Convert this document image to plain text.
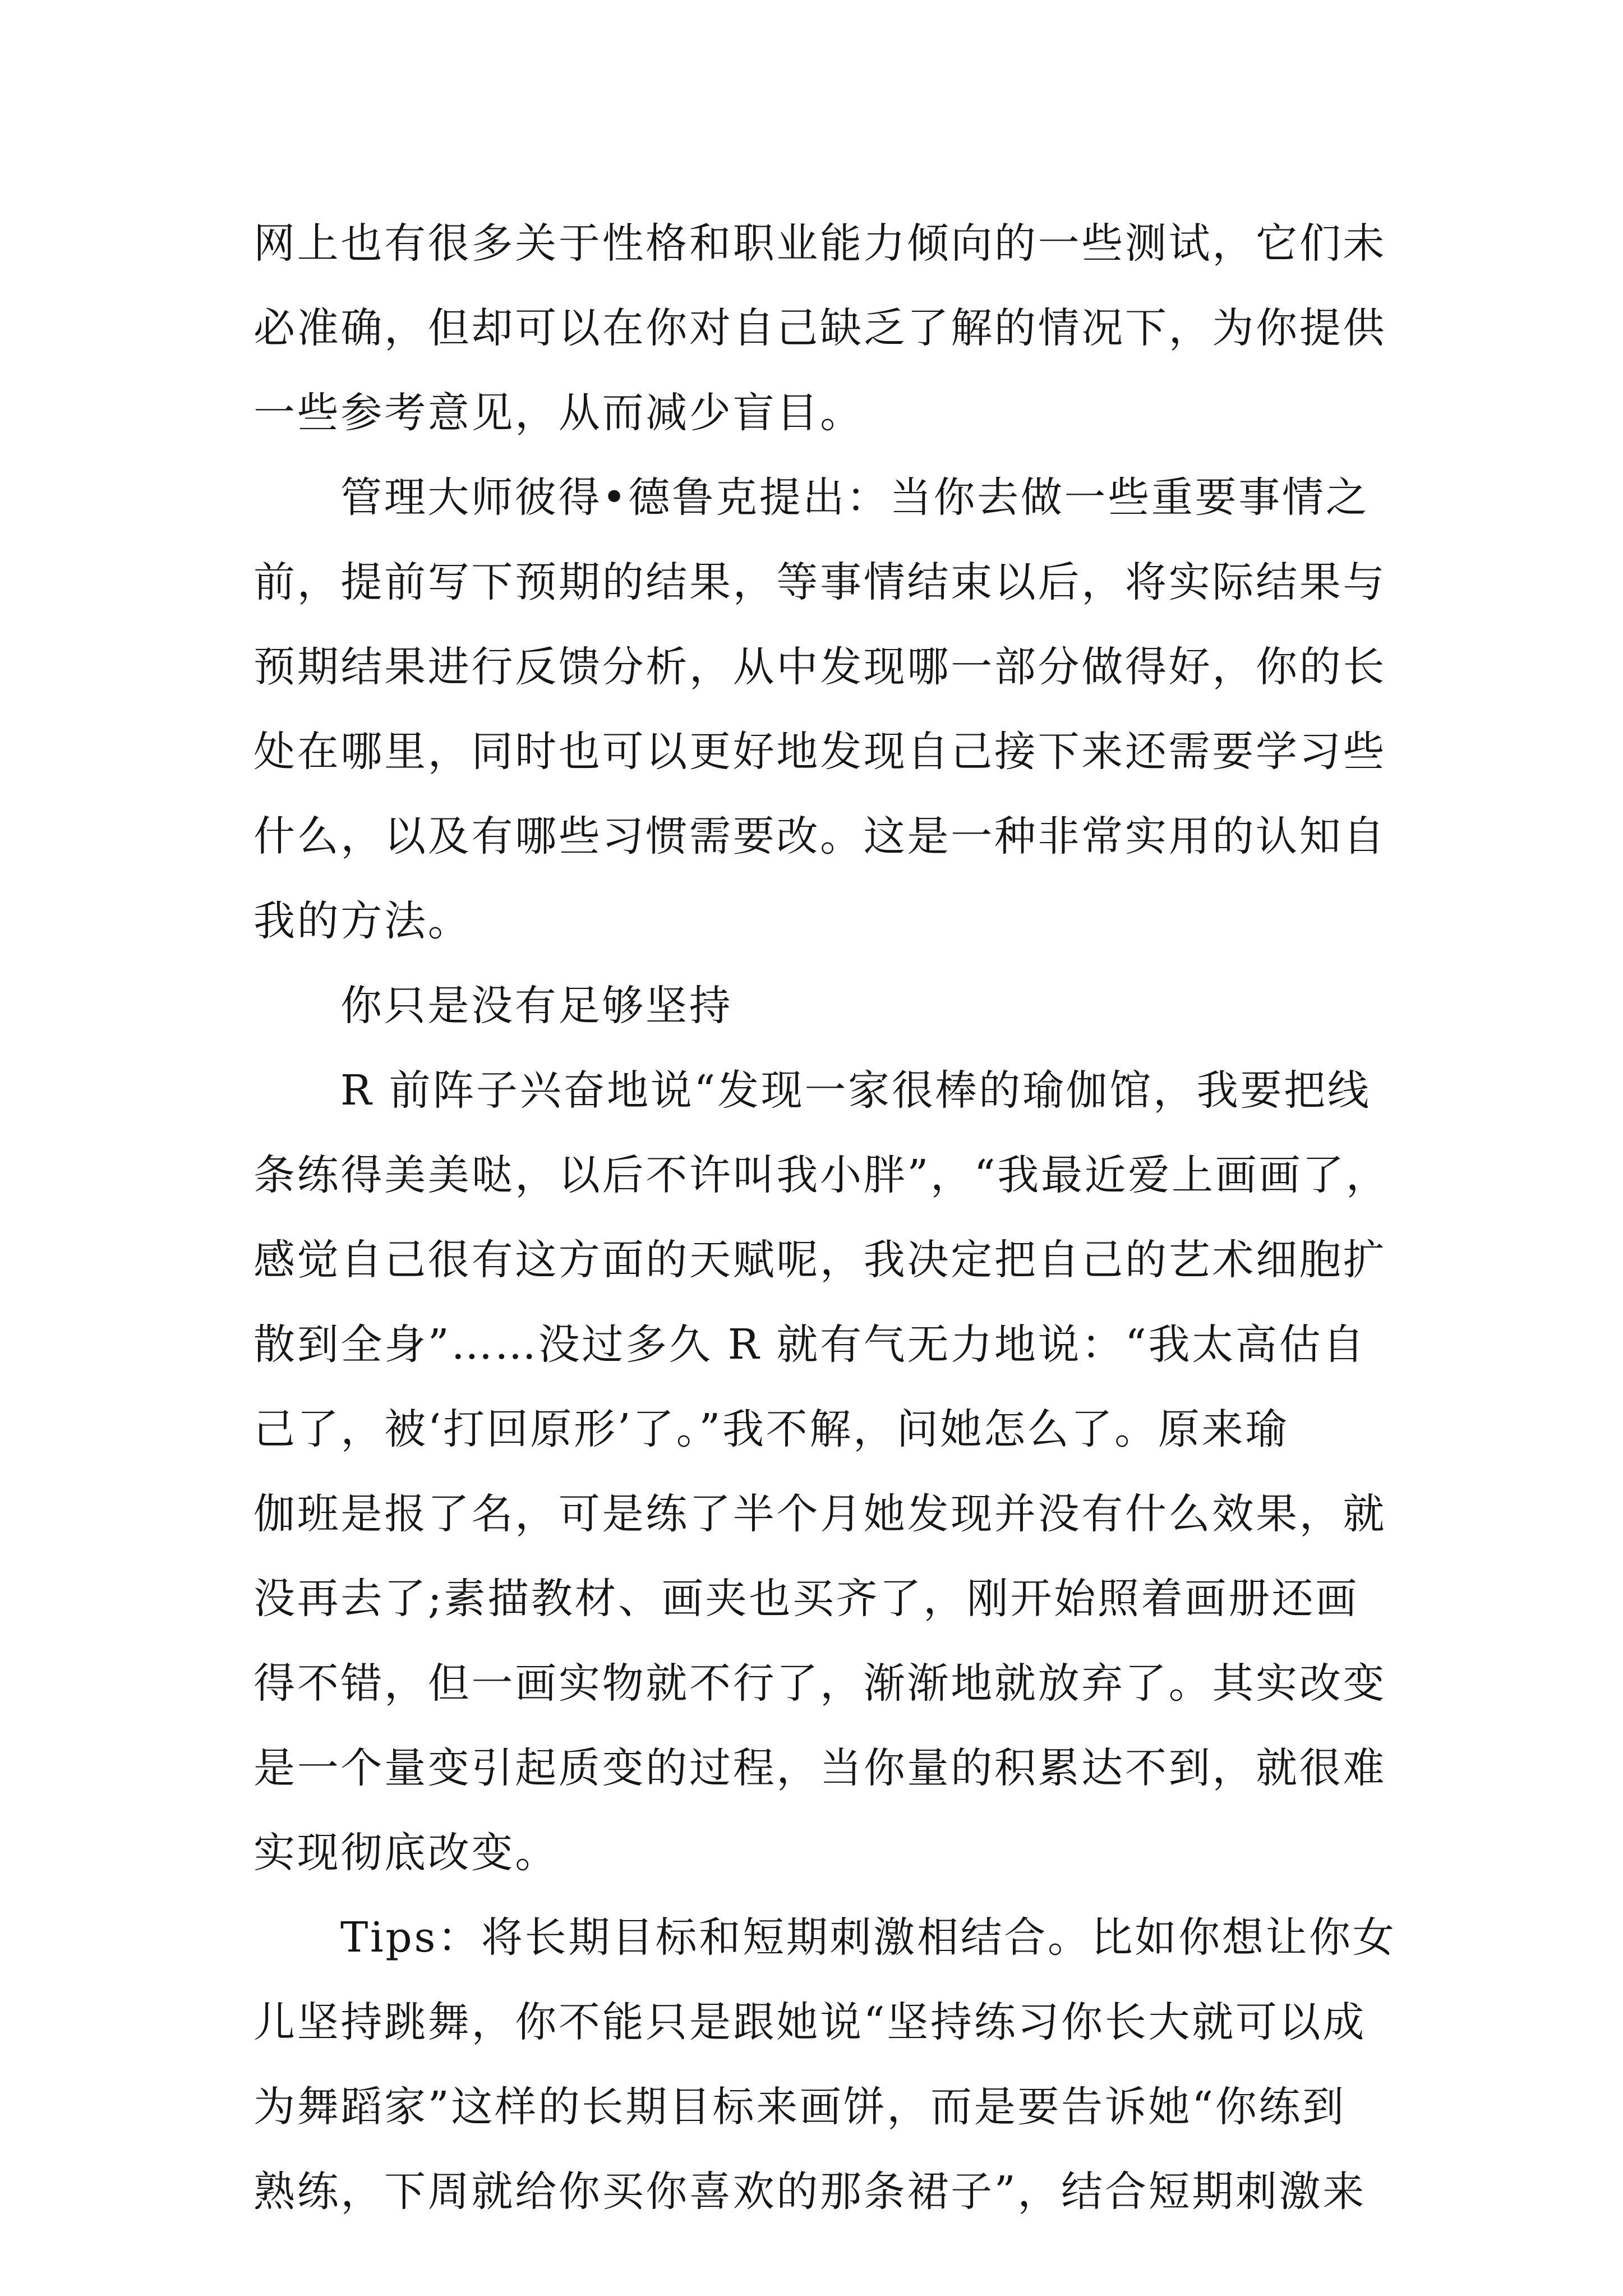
网上也有很多关于性格和职业能力倾向的一些测试，它们未
必准确，但却可以在你对自己缺乏了解的情况下，为你提供
一些参考意见，从而减少盲目。
管理大师彼得•德鲁克提出：当你去做一些重要事情之
前，提前写下预期的结果，等事情结束以后，将实际结果与
预期结果进行反馈分析，从中发现哪一部分做得好，你的长
处在哪里，同时也可以更好地发现自己接下来还需要学习些
什么，以及有哪些习惯需要改。这是一种非常实用的认知自
我的方法。
你只是没有足够坚持
R 前阵子兴奋地说“发现一家很棒的瑜伽馆，我要把线
条练得美美哒，以后不许叫我小胖”，“我最近爱上画画了，
感觉自己很有这方面的天赋呢，我决定把自己的艺术细胞扩
散到全身”……没过多久 R 就有气无力地说：“我太高估自
己了，被‘打回原形’了。”我不解，问她怎么了。原来瑜
伽班是报了名，可是练了半个月她发现并没有什么效果，就
没再去了;素描教材、画夹也买齐了，刚开始照着画册还画
得不错，但一画实物就不行了，渐渐地就放弃了。其实改变
是一个量变引起质变的过程，当你量的积累达不到，就很难
实现彻底改变。
Tips：将长期目标和短期刺激相结合。比如你想让你女
儿坚持跳舞，你不能只是跟她说“坚持练习你长大就可以成
为舞蹈家”这样的长期目标来画饼，而是要告诉她“你练到
熟练，下周就给你买你喜欢的那条裙子”，结合短期刺激来
